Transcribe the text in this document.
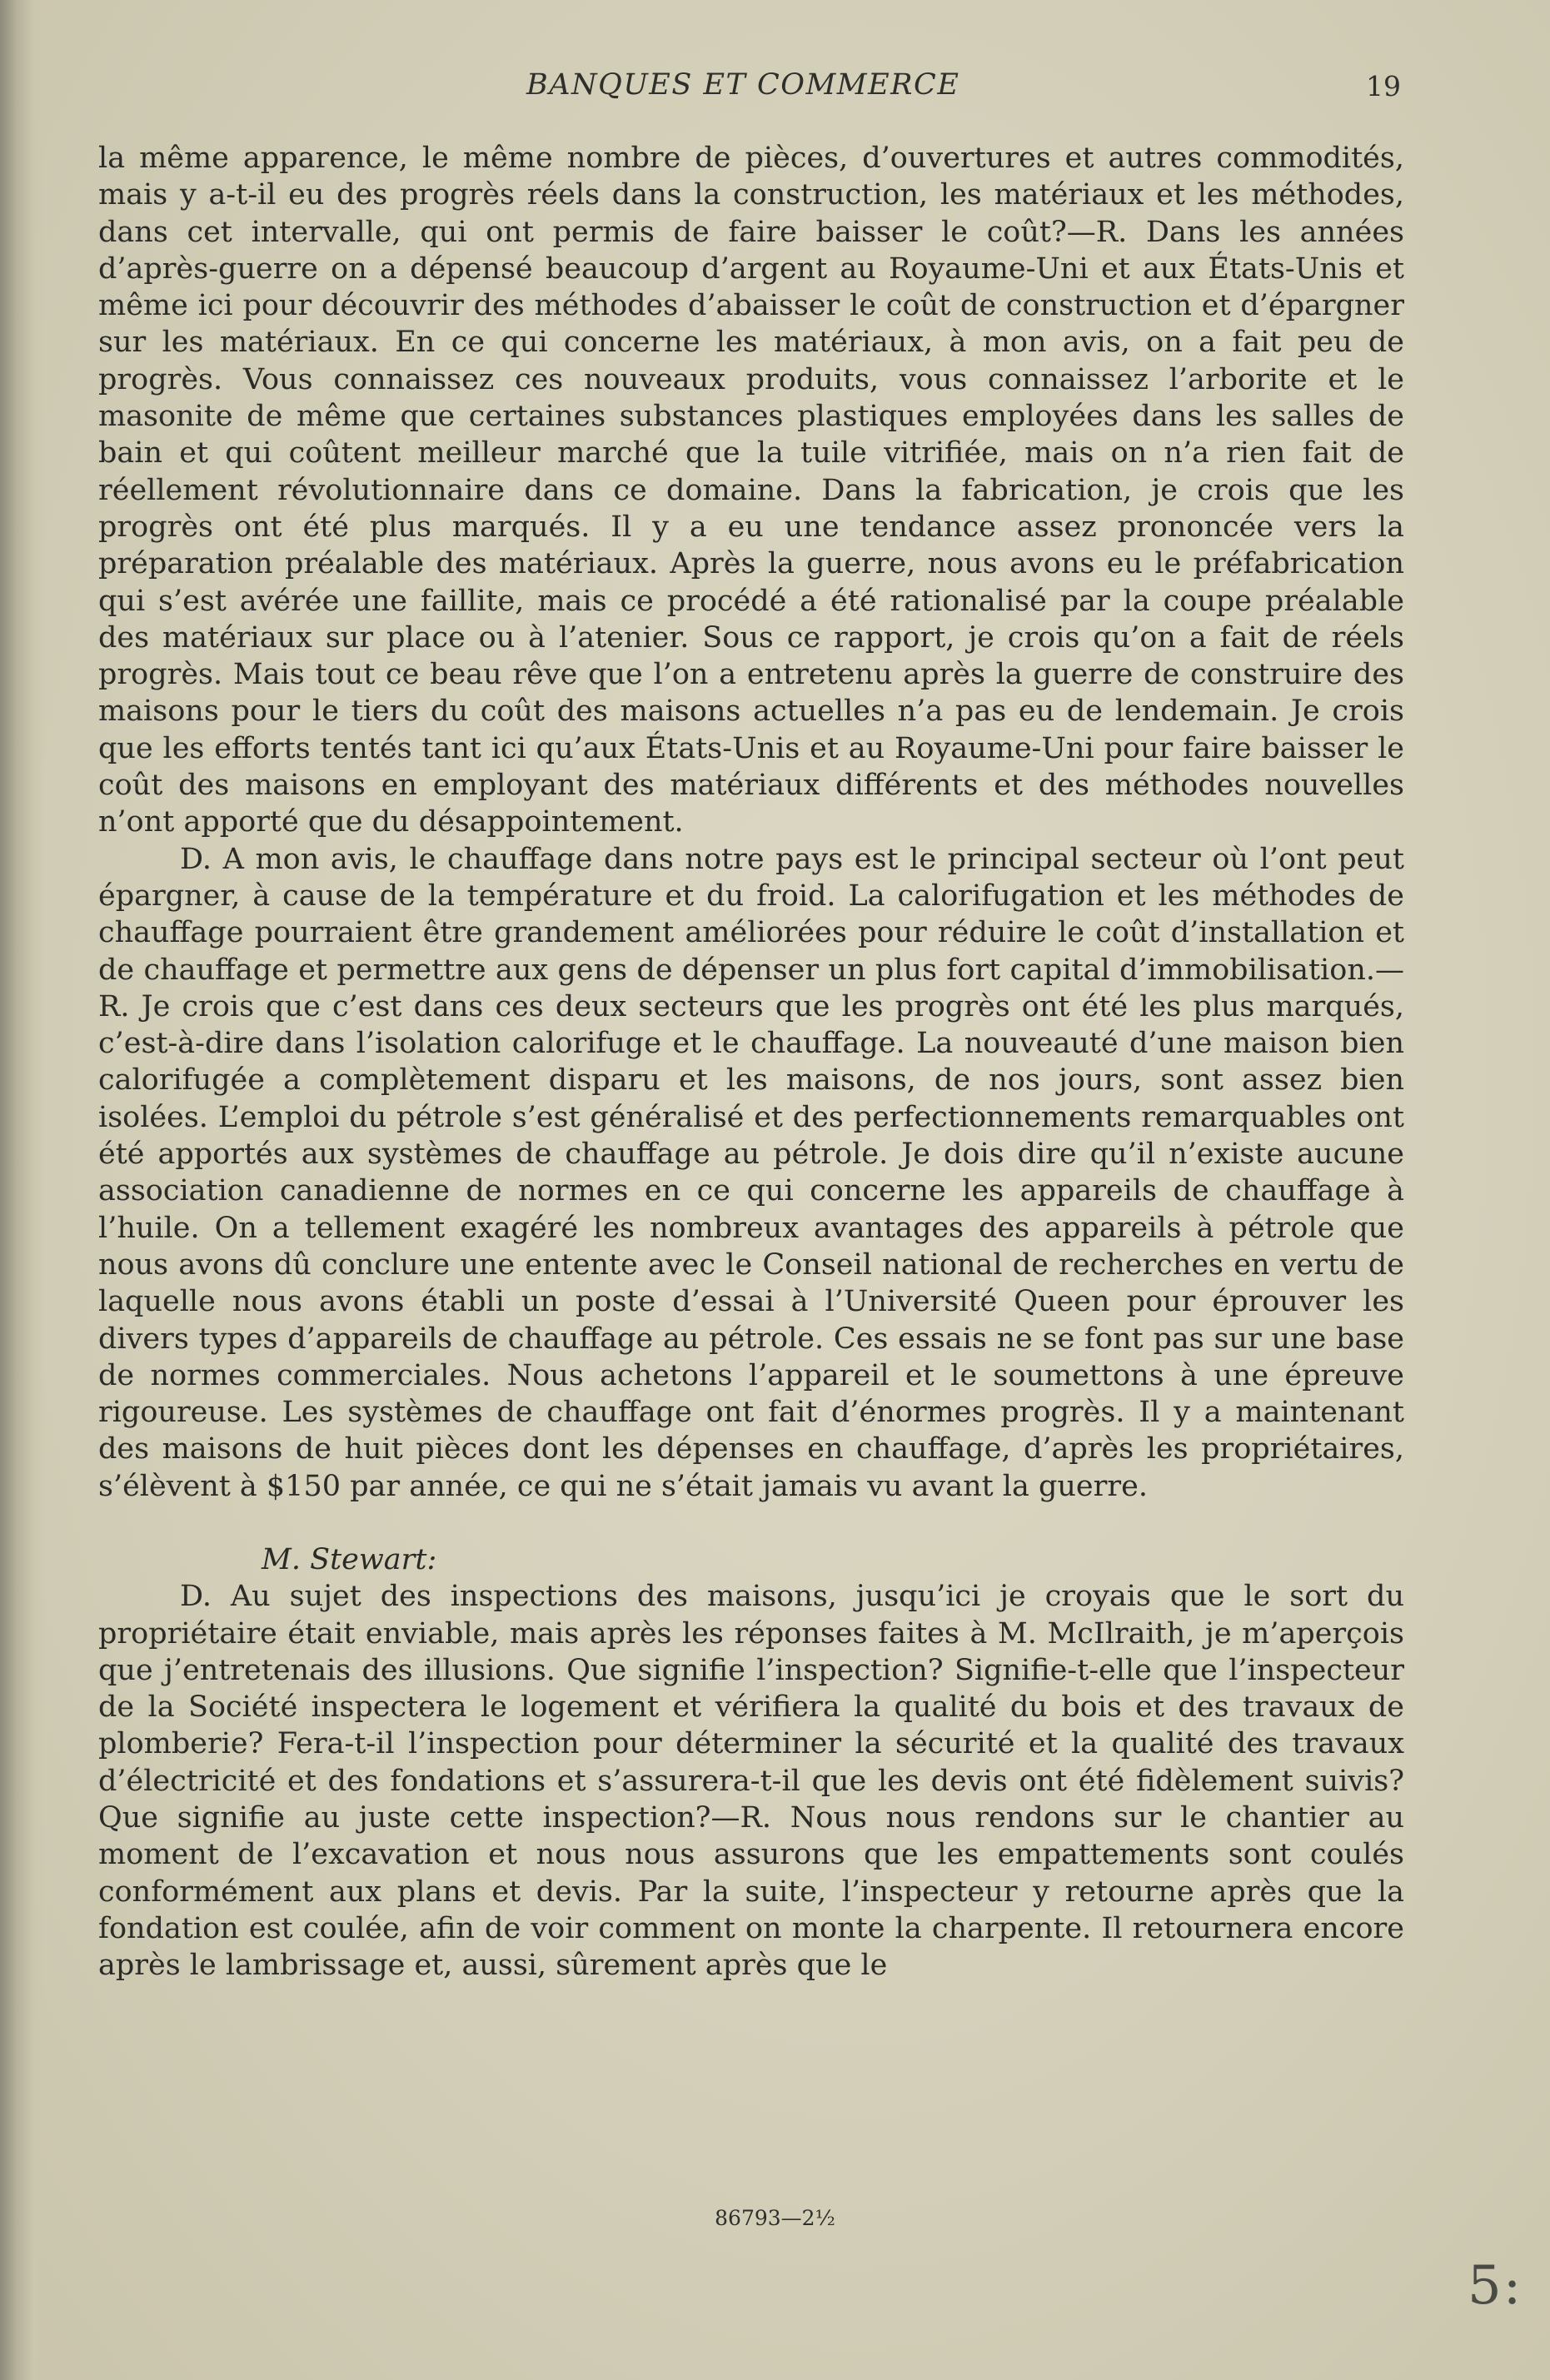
BANQUES ET COMMERCE	19

la même apparence, le même nombre de pièces, d’ouvertures et autres commodités, mais y a-t-il eu des progrès réels dans la construction, les matériaux et les méthodes, dans cet intervalle, qui ont permis de faire baisser le coût?—R. Dans les années d’après-guerre on a dépensé beaucoup d’argent au Royaume-Uni et aux États-Unis et même ici pour découvrir des méthodes d’abaisser le coût de construction et d’épargner sur les matériaux. En ce qui concerne les matériaux, à mon avis, on a fait peu de progrès. Vous connaissez ces nouveaux produits, vous connaissez l’arborite et le masonite de même que certaines substances plastiques employées dans les salles de bain et qui coûtent meilleur marché que la tuile vitrifiée, mais on n’a rien fait de réellement révolutionnaire dans ce domaine. Dans la fabrication, je crois que les progrès ont été plus marqués. Il y a eu une tendance assez prononcée vers la préparation préalable des matériaux. Après la guerre, nous avons eu le préfabrication qui s’est avérée une faillite, mais ce procédé a été rationalisé par la coupe préalable des matériaux sur place ou à l’atenier. Sous ce rapport, je crois qu’on a fait de réels progrès. Mais tout ce beau rêve que l’on a entretenu après la guerre de construire des maisons pour le tiers du coût des maisons actuelles n’a pas eu de lendemain. Je crois que les efforts tentés tant ici qu’aux États-Unis et au Royaume-Uni pour faire baisser le coût des maisons en employant des matériaux différents et des méthodes nouvelles n’ont apporté que du désappointement.

D. A mon avis, le chauffage dans notre pays est le principal secteur où l’ont peut épargner, à cause de la température et du froid. La calorifugation et les méthodes de chauffage pourraient être grandement améliorées pour réduire le coût d’installation et de chauffage et permettre aux gens de dépenser un plus fort capital d’immobilisation.—R. Je crois que c’est dans ces deux secteurs que les progrès ont été les plus marqués, c’est-à-dire dans l’isolation calorifuge et le chauffage. La nouveauté d’une maison bien calorifugée a complètement disparu et les maisons, de nos jours, sont assez bien isolées. L’emploi du pétrole s’est généralisé et des perfectionnements remarquables ont été apportés aux systèmes de chauffage au pétrole. Je dois dire qu’il n’existe aucune association canadienne de normes en ce qui concerne les appareils de chauffage à l’huile. On a tellement exagéré les nombreux avantages des appareils à pétrole que nous avons dû conclure une entente avec le Conseil national de recherches en vertu de laquelle nous avons établi un poste d’essai à l’Université Queen pour éprouver les divers types d’appareils de chauffage au pétrole. Ces essais ne se font pas sur une base de normes commerciales. Nous achetons l’appareil et le soumettons à une épreuve rigoureuse. Les systèmes de chauffage ont fait d’énormes progrès. Il y a maintenant des maisons de huit pièces dont les dépenses en chauffage, d’après les propriétaires, s’élèvent à $150 par année, ce qui ne s’était jamais vu avant la guerre.

M. Stewart:

D. Au sujet des inspections des maisons, jusqu’ici je croyais que le sort du propriétaire était enviable, mais après les réponses faites à M. McIlraith, je m’aperçois que j’entretenais des illusions. Que signifie l’inspection? Signifie-t-elle que l’inspecteur de la Société inspectera le logement et vérifiera la qualité du bois et des travaux de plomberie? Fera-t-il l’inspection pour déterminer la sécurité et la qualité des travaux d’électricité et des fondations et s’assurera-t-il que les devis ont été fidèlement suivis? Que signifie au juste cette inspection?—R. Nous nous rendons sur le chantier au moment de l’excavation et nous nous assurons que les empattements sont coulés conformément aux plans et devis. Par la suite, l’inspecteur y retourne après que la fondation est coulée, afin de voir comment on monte la charpente. Il retournera encore après le lambrissage et, aussi, sûrement après que le

86793—2½
5:
